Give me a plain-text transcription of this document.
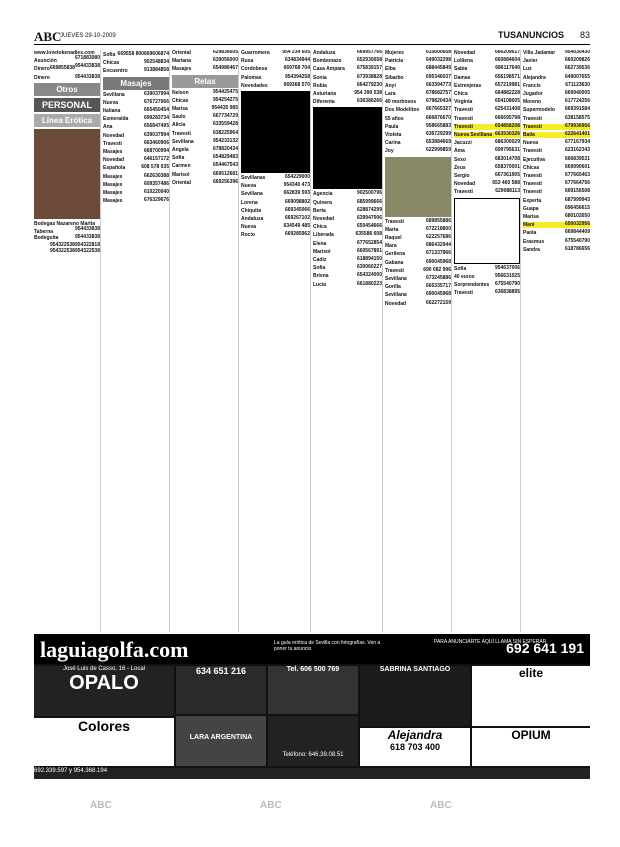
ABC
JUEVES 29-10-2009	TUSANUNCIOS 83
www.lovetokenadies.com
671883080
Asunción
954433838
Dinero 669855838
Dinero	954433838
Otros
PERSONAL
Línea Erótica
Bodegas Nazareno Marita
954433838
Taberna Bodeguita	954433838
954322818
954322538
954322538
954322538
669606874
Sofía 669558 800
Chicas	902548834
Encuentro	913884858
Masajes
Sevillana	639037994
Nueva	676727066
Italiana	665450454
Esmeralda	699283734
Ana	656847495
Novedad	639037994
Travesti	663460906
Masajes	668700994
Novedad	646157172
Española	608 578 035
Masajes	662630388
Masajes	609357486
Masajes	610220040
Masajes	676329676
Oriental	629836605
Mariana	639056000
Masajes	654986467
Relax
Nelson	954425475
Chicas	954254275
Marisa	954435 985
Saulo	667734729
Alicia	633559428
Travesti	638225964
Sevillana	954233132
Angela	678820434
Sofía	654829483
Carmen	654467543
Marisol	669512681
Oriental	669256396
Guarromera	954 234 605
Rusa	634834944
Cordobesa	669768 704
Palomas	954394258
Novedades	669368 570
Sevillanas	654229000
Nueva	954340 473
Sevillana	662839 593
Lorena	669098802
Chiquita	669345066
Andaluza	669267102
Nueva	634549 485
Rocío	669285962
Andaluza	669957766
Bombonazo	652930658
Casa Ampara 675839157
Sonia	673938828
Rubia	664279230
Asturiana	954 390 538
Diferenta	636386266
Agencia	902500796
Quinera	685999666
Berta	628874299
Novedad	639947006
Chica	650454666
Liberada	635586 608
Elena	677652854
Marisol	660567891
Cadiz	618894150
Sofía	630060227
Briena	654324000
Lucía	661880223
Mujeres	615600658
Patricia	649032298
Elba	688445849
Sibarbo	695346037
Anyi	663394773
Lara	678682757
40 morbosos 679820434
Dos Modelitos 667665327
55 años	666876670
Paula	958665883
Violeta	636729299
Carina	653884669
Joy	622999859
Travesti	689855886
Marta	672218800
Raquel	622257686
Mara	686432944
Gerilena	671337966
Gabana	690045968
Travesti	690 082 996
Sevillana	673245886
Gorilla	665335717
Sevillana	690045968
Novedad	662272159
Novedad	666209617
Lolliena	660884604
Sabia	686117640
Damas	656198571
Estrenjeras	657219981
Chica	664882228
Virginia	654108005
Travesti	625431408
Travesti	666695798
Travesti	654858208
Nueva Sevillana 663530326
Jacuzzi	686300029
Ama	699795631
Sexo	683014708
Zeus	658370001
Sergio	667361905
Novedad	653 460 588
Travesti	629088113
Sofía	954637006
40 euros	956631025
Sorprendentes 675540790
Travesti	636838895
Villa Jadamar 954030430
Javier	660209826
Luz	662739536
Alejandra	649007655
Francis	671123630
Jugador	669940005
Moreno	617724256
Supermodelo 669391584
Travesti	638158575
Travesti	679936956
Baila	622641401
Nueva	677167934
Travesti	623162343
Ejecutiva	666839531
Chicas	669990601
Travesti	677665463
Travesti	677664756
Travesti	669156508
Experta	687999943
Guapa	696456615
Marisa	680102650
Mani	650032956
Paola	669844409
Erasmus	675540790
Sandra	618786656
laguiagolfa.com	La guía erótica de Sevilla con fotografías. Ven a poner tu anuncio
PARA ANUNCIARTE AQUÍ LLAMA SIN ESPERAR
692 641 191
José Luis de Casso, 16 - Local
OPALO
634 651 216	Tel. 606 500 769	SABRINA SANTIAGO	elite
Colores
LARA ARGENTINA
Teléfono: 646.39.08.51
Alejandra
618 703 400
OPIUM
692.339.597 y 954.368.194
ABC	ABC	ABC
